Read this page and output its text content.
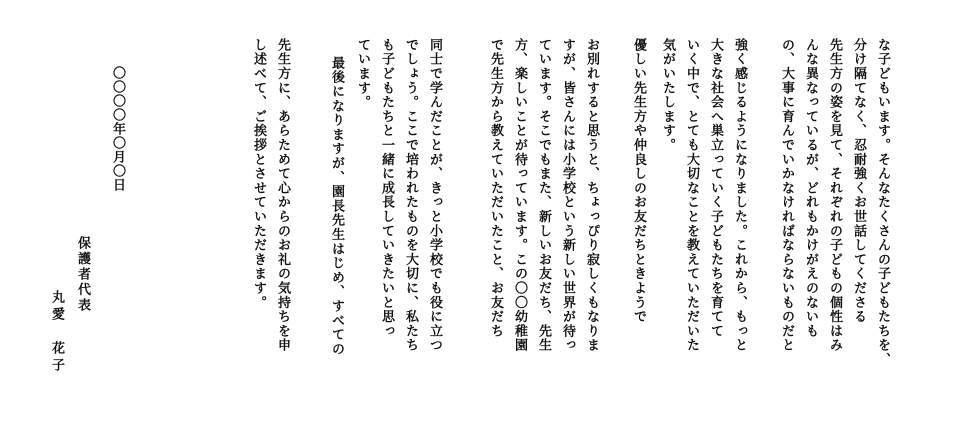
な子どもいます。そんなたくさんの子どもたちを、
分け隔てなく、忍耐強くお世話してくださる
先生方の姿を見て、それぞれの子どもの個性はみ
んな異なっているが、どれもかけがえのないも
の、大事に育んでいかなければならないものだと
強く感じるようになりました。これから、もっと
大きな社会へ巣立っていく子どもたちを育てて
いく中で、とても大切なことを教えていただいた
気がいたします。
優しい先生方や仲良しのお友だちときようで
お別れすると思うと、ちょっぴり寂しくもなりま
すが、皆さんには小学校という新しい世界が待っ
ています。そこでもまた、新しいお友だち、先生
方、楽しいことが待っています。この〇〇幼稚園
で先生方から教えていただいたこと、お友だち
同士で学んだことが、きっと小学校でも役に立つ
でしょう。ここで培われたものを大切に、私たち
も子どもたちと一緒に成長していきたいと思っ
ています。
最後になりますが、園長先生はじめ、すべての
先生方に、あらためて心からのお礼の気持ちを申
し述べて、ご挨拶とさせていただきます。
〇〇〇〇年〇月〇日
保護者代表
丸愛　花子
